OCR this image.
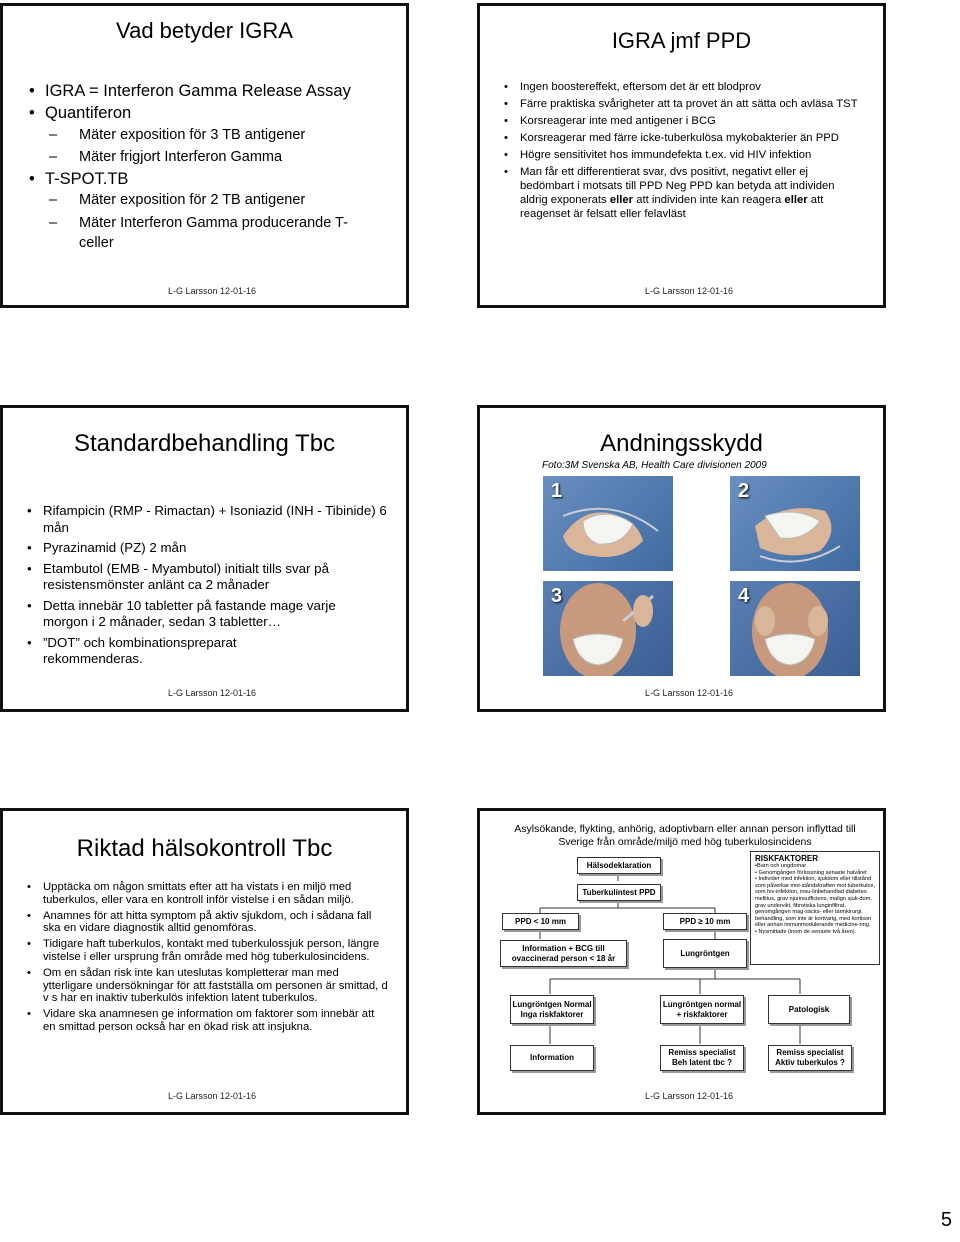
Vad betyder IGRA
• IGRA = Interferon Gamma Release Assay
• Quantiferon
– Mäter exposition för 3 TB antigener
– Mäter frigjort Interferon Gamma
• T-SPOT.TB
– Mäter exposition för 2 TB antigener
– Mäter Interferon Gamma producerande T-celler
L-G Larsson 12-01-16
IGRA jmf PPD
• Ingen boostereffekt, eftersom det är ett blodprov
• Färre praktiska svårigheter att ta provet än att sätta och avläsa TST
• Korsreagerar inte med antigener i BCG
• Korsreagerar med färre icke-tuberkulösa mykobakterier än PPD
• Högre sensitivitet hos immundefekta t.ex. vid HIV infektion
• Man får ett differentierat svar, dvs positivt, negativt eller ej bedömbart i motsats till PPD Neg PPD kan betyda att individen aldrig exponerats eller att individen inte kan reagera eller att reagenset är felsatt eller felavläst
L-G Larsson 12-01-16
Standardbehandling Tbc
• Rifampicin (RMP - Rimactan) + Isoniazid (INH - Tibinide) 6 mån
• Pyrazinamid (PZ) 2 mån
• Etambutol (EMB - Myambutol) initialt tills svar på resistensmönster anlänt ca 2 månader
• Detta innebär 10 tabletter på fastande mage varje morgon i 2 månader, sedan 3 tabletter…
• ”DOT” och kombinationspreparat rekommenderas.
L-G Larsson 12-01-16
Andningsskydd
Foto:3M Svenska AB, Health Care divisionen 2009
1	2
3	4
L-G Larsson 12-01-16
Riktad hälsokontroll Tbc
• Upptäcka om någon smittats efter att ha vistats i en miljö med tuberkulos, eller vara en kontroll inför vistelse i en sådan miljö.
• Anamnes för att hitta symptom på aktiv sjukdom, och i sådana fall ska en vidare diagnostik alltid genomföras.
• Tidigare haft tuberkulos, kontakt med tuberkulossjuk person, längre vistelse i eller ursprung från område med hög tuberkulosincidens.
• Om en sådan risk inte kan uteslutas kompletterar man med ytterligare undersökningar för att fastställa om personen är smittad, d v s har en inaktiv tuberkulös infektion latent tuberkulos.
• Vidare ska anamnesen ge information om faktorer som innebär att en smittad person också har en ökad risk att insjukna.
L-G Larsson 12-01-16
Asylsökande, flykting, anhörig, adoptivbarn eller annan person inflyttad till Sverige från område/miljö med hög tuberkulosincidens
Hälsodeklaration
Tuberkulintest PPD
PPD < 10 mm	PPD ≥ 10 mm
Information + BCG till ovaccinerad person < 18 år
Lungröntgen
Lungröntgen Normal Inga riskfaktorer
Lungröntgen normal + riskfaktorer
Patologisk
Information
Remiss specialist Beh latent tbc ?
Remiss specialist Aktiv tuberkulos ?
RISKFAKTORER
•Barn och ungdomar
• Genomgången förlossning senaste halvåret
• Individer med infektion, sjukdom eller tillstånd som påverkar mot-ståndskraften mot tuberkulos, som hiv-infektion, insu-linbehandlad diabetes mellitus, grav njurinsufficiens, malign sjuk-dom, grav undervikt, fibrotiska lunginfiltrat, genomgången mag-säcks- eller tarmkirurgi. behandling, som inte är kortvarig, med kortison eller annan immunmodulerande medicine-ring.
• Nysmittade (inom de senaste två åren).
L-G Larsson 12-01-16
5
